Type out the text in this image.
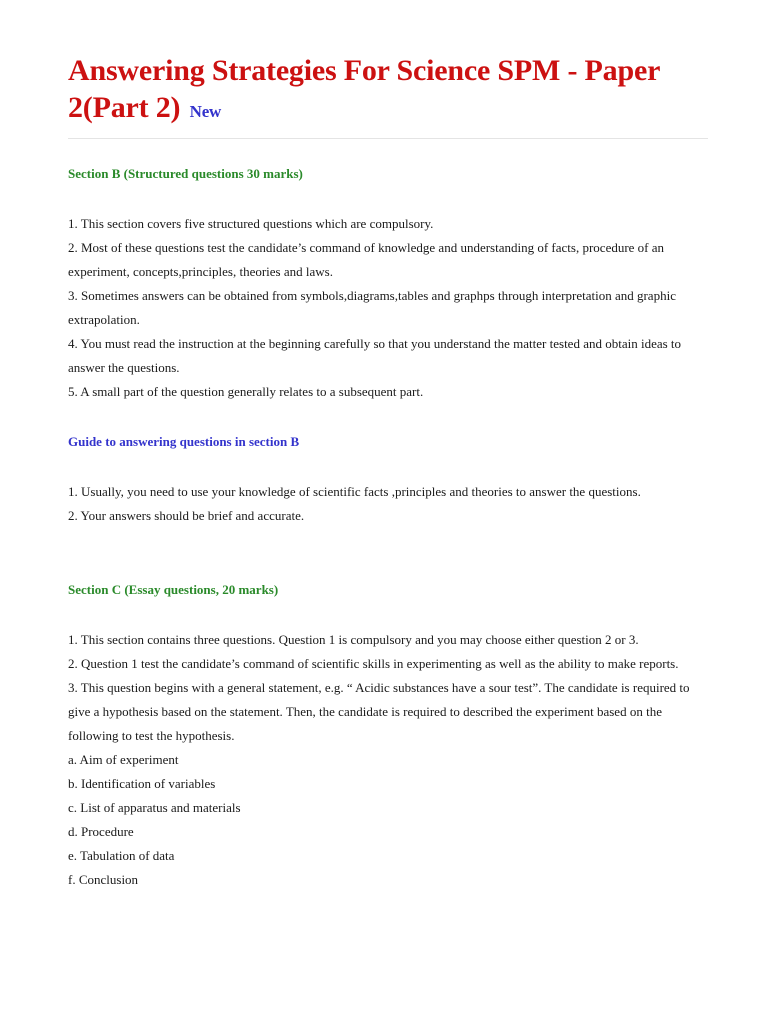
Answering Strategies For Science SPM - Paper 2(Part 2) New
Section B (Structured questions 30 marks)

1. This section covers five structured questions which are compulsory.

2. Most of these questions test the candidate’s command of knowledge and understanding of facts, procedure of an experiment, concepts,principles, theories and laws.

3. Sometimes answers can be obtained from symbols,diagrams,tables and graphps through interpretation and graphic extrapolation.

4. You must read the instruction at the beginning carefully so that you understand the matter tested and obtain ideas to answer the questions.

5. A small part of the question generally relates to a subsequent part.

Guide to answering questions in section B

1. Usually, you need to use your knowledge of scientific facts ,principles and theories to answer the questions.

2. Your answers should be brief and accurate.

Section C (Essay questions, 20 marks)

1. This section contains three questions. Question 1 is compulsory and you may choose either question 2 or 3.

2. Question 1 test the candidate’s command of scientific skills in experimenting as well as the ability to make reports.

3. This question begins with a general statement, e.g. “ Acidic substances have a sour test”. The candidate is required to give a hypothesis based on the statement. Then, the candidate is required to described the experiment based on the following to test the hypothesis.

a. Aim of experiment

b. Identification of variables

c. List of apparatus and materials

d. Procedure

e. Tabulation of data

f. Conclusion
